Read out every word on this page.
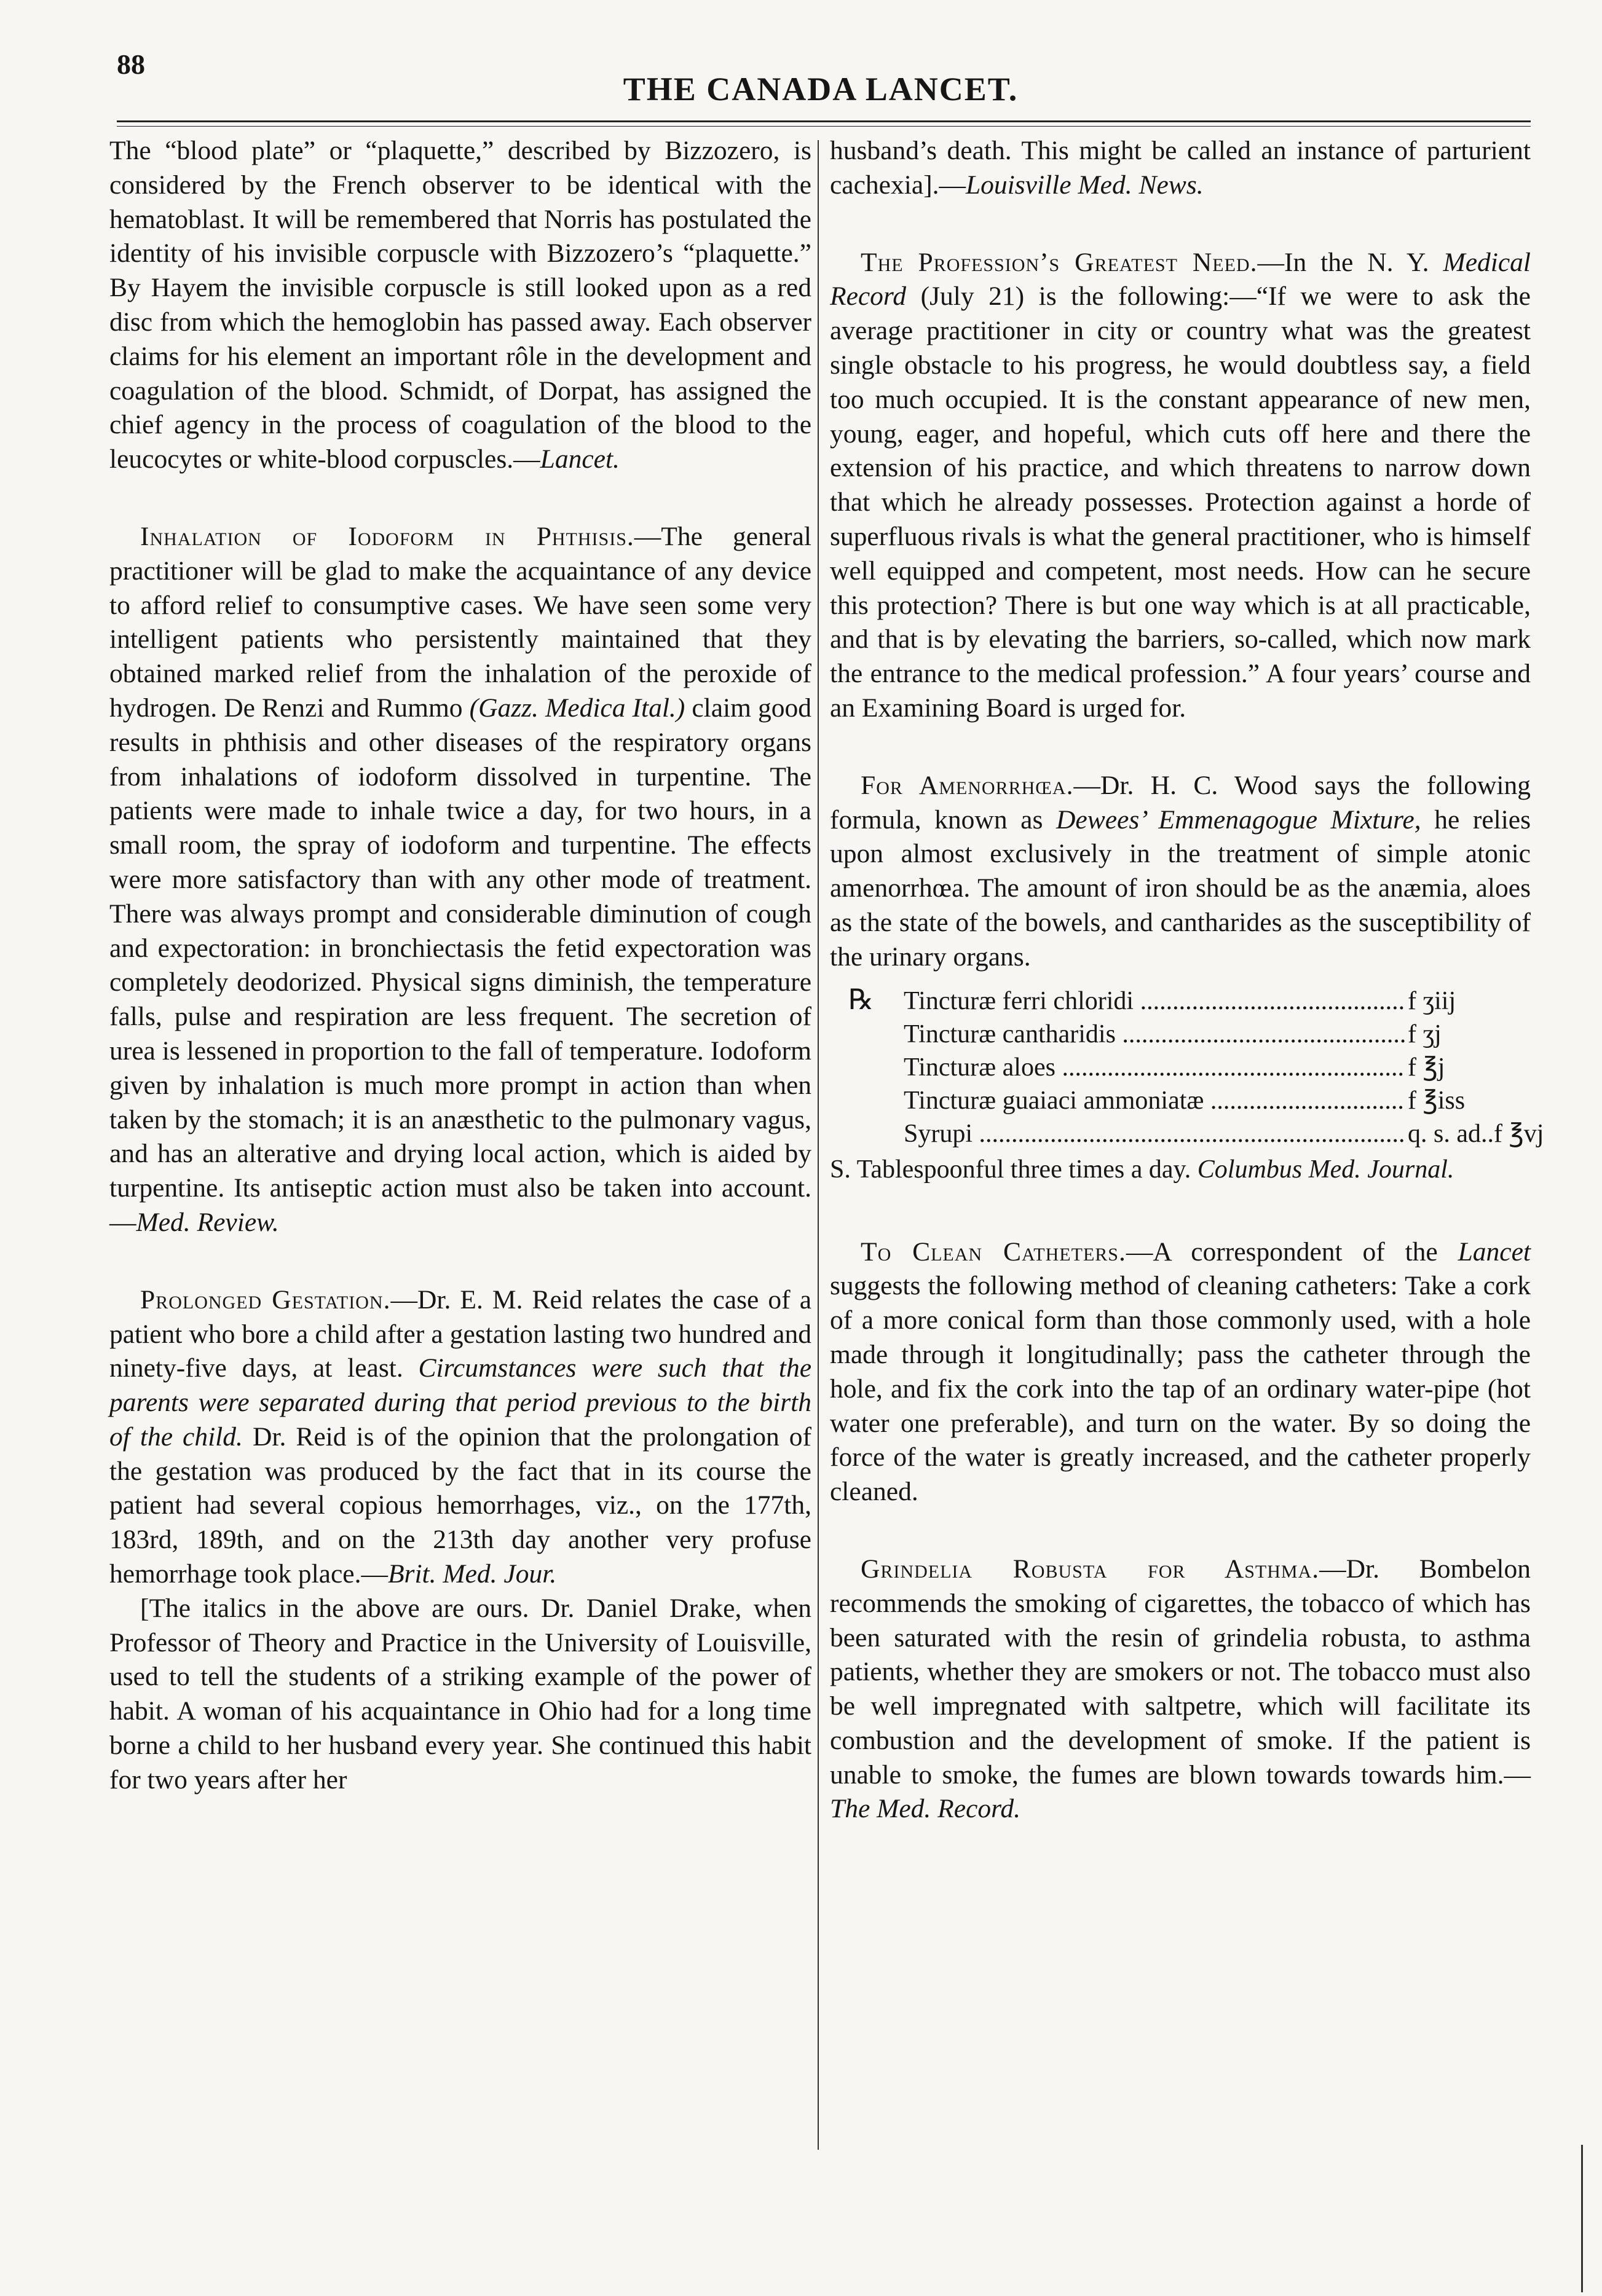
88
THE CANADA LANCET.

The “blood plate” or “plaquette,” described by Bizzozero, is considered by the French observer to be identical with the hematoblast. It will be remembered that Norris has postulated the identity of his invisible corpuscle with Bizzozero’s “plaquette.” By Hayem the invisible corpuscle is still looked upon as a red disc from which the hemoglobin has passed away. Each observer claims for his element an important rôle in the development and coagulation of the blood. Schmidt, of Dorpat, has assigned the chief agency in the process of coagulation of the blood to the leucocytes or white-blood corpuscles.—Lancet.

Inhalation of Iodoform in Phthisis.—The general practitioner will be glad to make the acquaintance of any device to afford relief to consumptive cases. We have seen some very intelligent patients who persistently maintained that they obtained marked relief from the inhalation of the peroxide of hydrogen. De Renzi and Rummo (Gazz. Medica Ital.) claim good results in phthisis and other diseases of the respiratory organs from inhalations of iodoform dissolved in turpentine. The patients were made to inhale twice a day, for two hours, in a small room, the spray of iodoform and turpentine. The effects were more satisfactory than with any other mode of treatment. There was always prompt and considerable diminution of cough and expectoration: in bronchiectasis the fetid expectoration was completely deodorized. Physical signs diminish, the temperature falls, pulse and respiration are less frequent. The secretion of urea is lessened in proportion to the fall of temperature. Iodoform given by inhalation is much more prompt in action than when taken by the stomach; it is an anæsthetic to the pulmonary vagus, and has an alterative and drying local action, which is aided by turpentine. Its antiseptic action must also be taken into account.—Med. Review.

Prolonged Gestation.—Dr. E. M. Reid relates the case of a patient who bore a child after a gestation lasting two hundred and ninety-five days, at least. Circumstances were such that the parents were separated during that period previous to the birth of the child. Dr. Reid is of the opinion that the prolongation of the gestation was produced by the fact that in its course the patient had several copious hemorrhages, viz., on the 177th, 183rd, 189th, and on the 213th day another very profuse hemorrhage took place.—Brit. Med. Jour.

[The italics in the above are ours. Dr. Daniel Drake, when Professor of Theory and Practice in the University of Louisville, used to tell the students of a striking example of the power of habit. A woman of his acquaintance in Ohio had for a long time borne a child to her husband every year. She continued this habit for two years after her

husband’s death. This might be called an instance of parturient cachexia].—Louisville Med. News.

The Profession’s Greatest Need.—In the N. Y. Medical Record (July 21) is the following:—“If we were to ask the average practitioner in city or country what was the greatest single obstacle to his progress, he would doubtless say, a field too much occupied. It is the constant appearance of new men, young, eager, and hopeful, which cuts off here and there the extension of his practice, and which threatens to narrow down that which he already possesses. Protection against a horde of superfluous rivals is what the general practitioner, who is himself well equipped and competent, most needs. How can he secure this protection? There is but one way which is at all practicable, and that is by elevating the barriers, so-called, which now mark the entrance to the medical profession.” A four years’ course and an Examining Board is urged for.

For Amenorrhœa.—Dr. H. C. Wood says the following formula, known as Dewees’ Emmenagogue Mixture, he relies upon almost exclusively in the treatment of simple atonic amenorrhœa. The amount of iron should be as the anæmia, aloes as the state of the bowels, and cantharides as the susceptibility of the urinary organs.

℞	Tincturæ ferri chloridi .....	f ʒiij
Tincturæ cantharidis .....	f ʒj
Tincturæ aloes .....	f ℥j
Tincturæ guaiaci ammoniatæ .....	f ℥iss
Syrupi .....	q. s. ad..f ℥vj

S. Tablespoonful three times a day. Columbus Med. Journal.

To Clean Catheters.—A correspondent of the Lancet suggests the following method of cleaning catheters: Take a cork of a more conical form than those commonly used, with a hole made through it longitudinally; pass the catheter through the hole, and fix the cork into the tap of an ordinary water-pipe (hot water one preferable), and turn on the water. By so doing the force of the water is greatly increased, and the catheter properly cleaned.

Grindelia Robusta for Asthma.—Dr. Bombelon recommends the smoking of cigarettes, the tobacco of which has been saturated with the resin of grindelia robusta, to asthma patients, whether they are smokers or not. The tobacco must also be well impregnated with saltpetre, which will facilitate its combustion and the development of smoke. If the patient is unable to smoke, the fumes are blown towards towards him.—The Med. Record.
